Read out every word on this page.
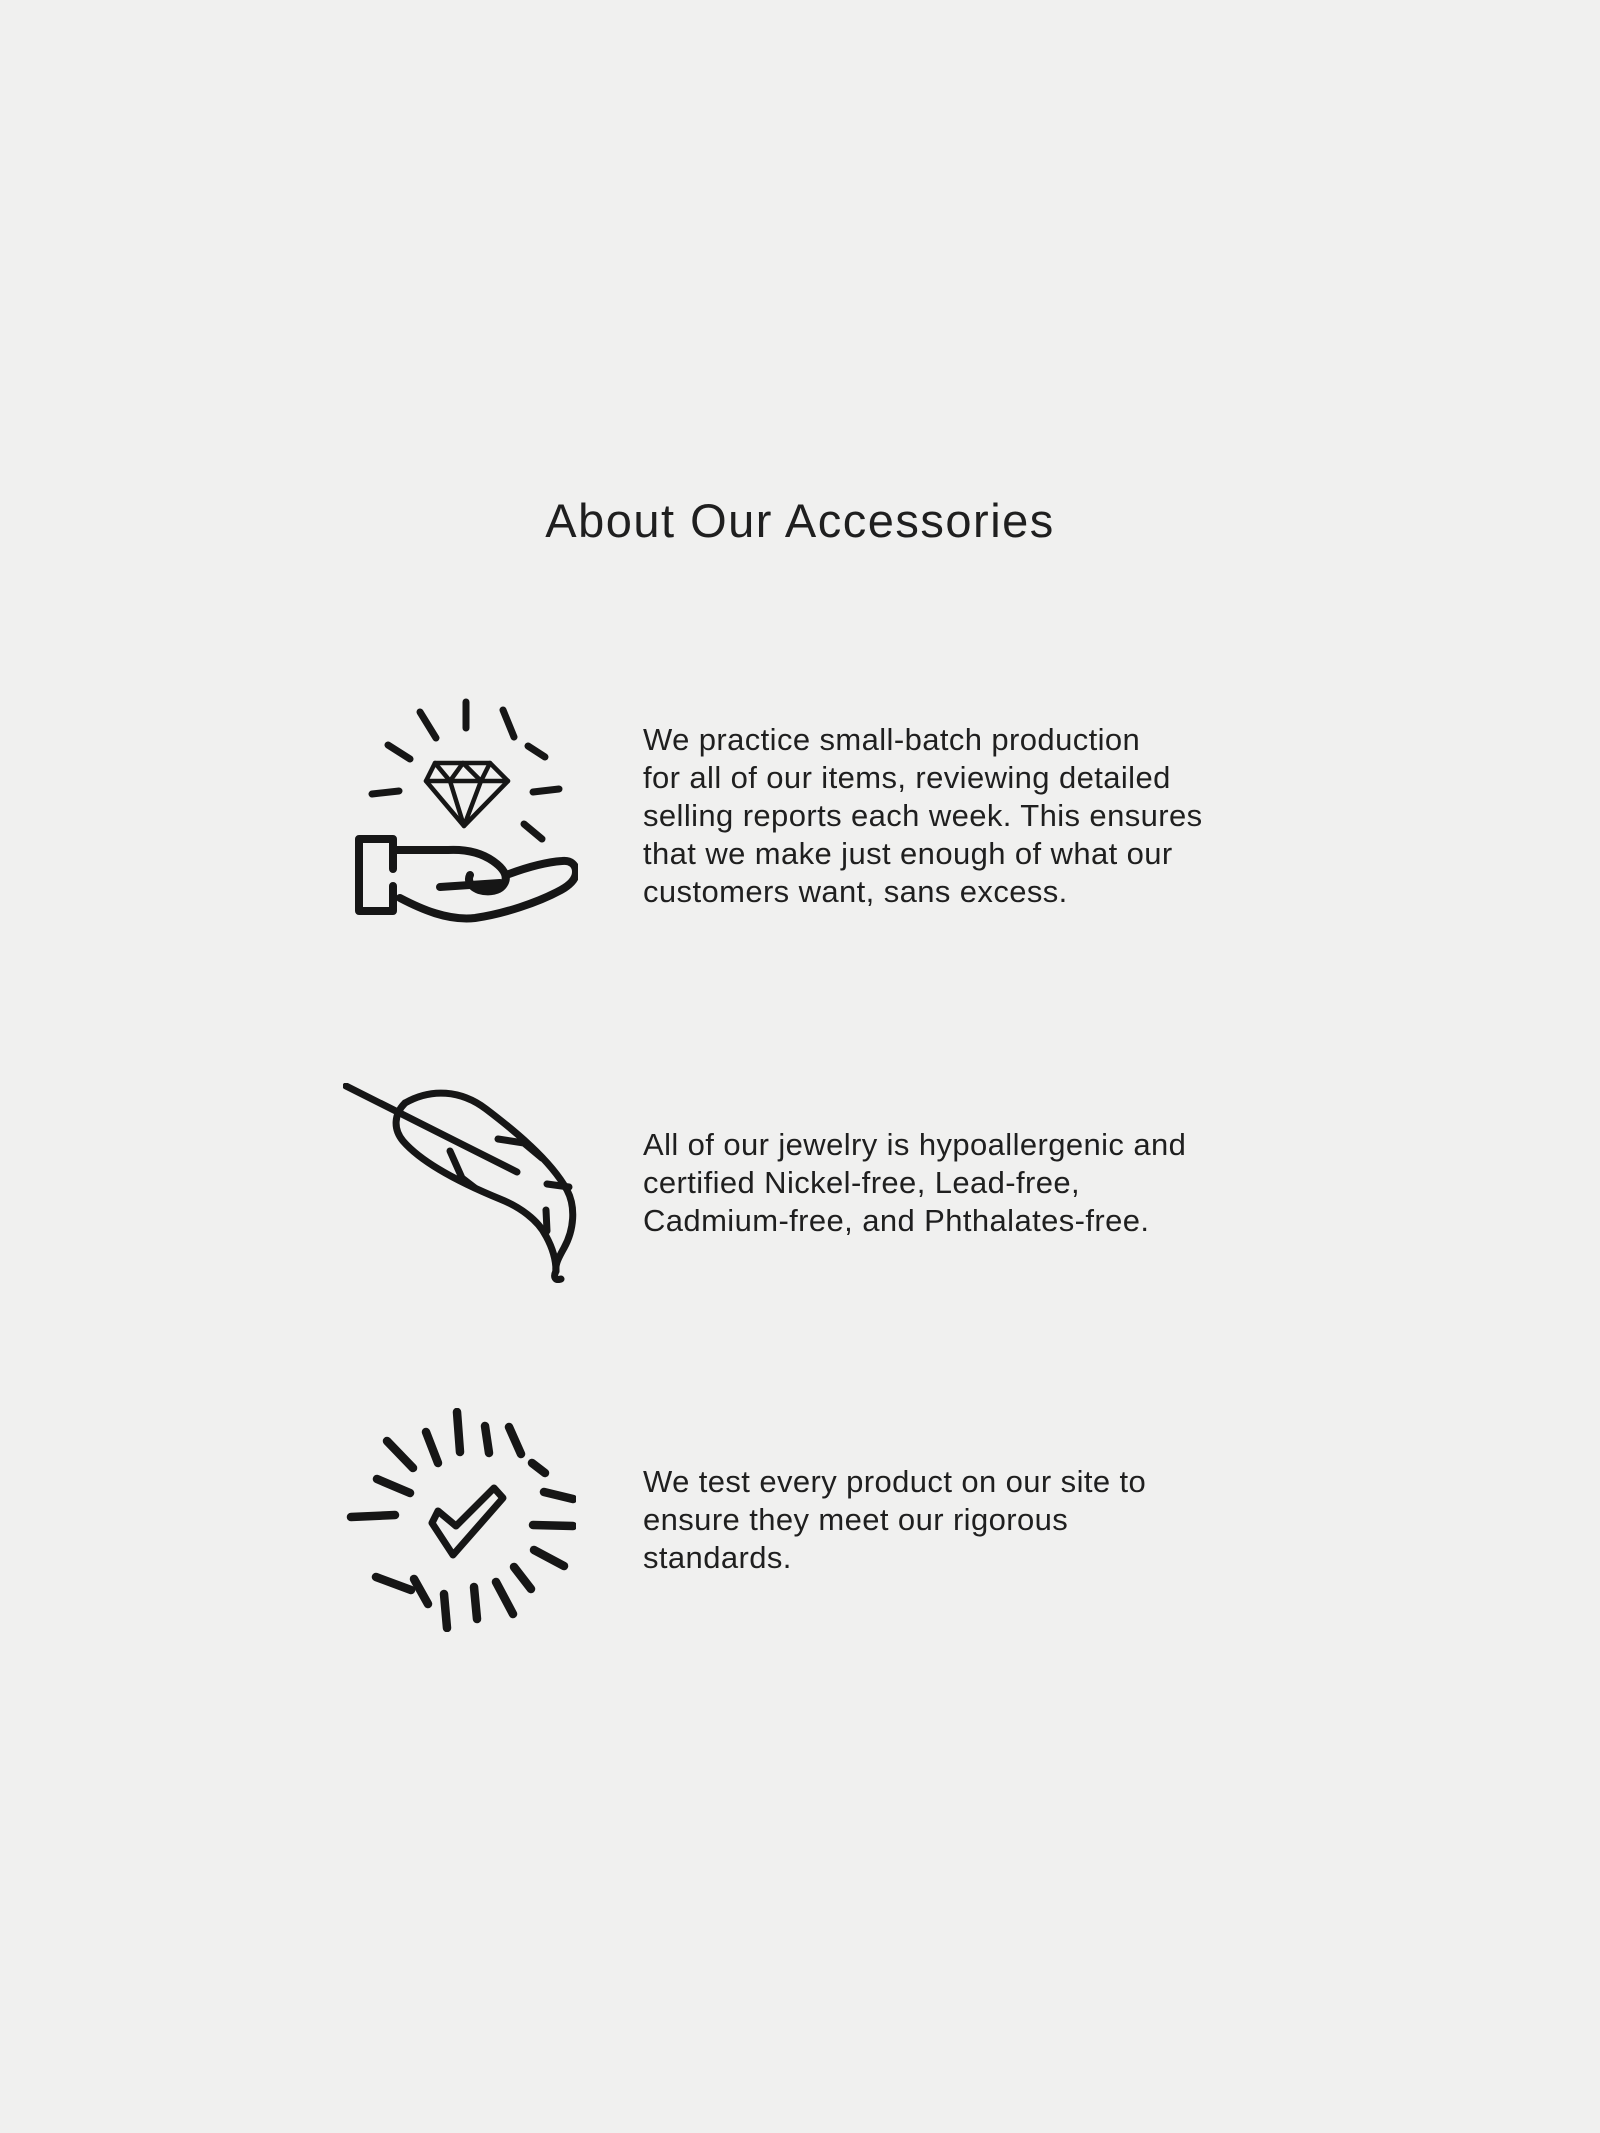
About Our Accessories
We practice small-batch production
for all of our items, reviewing detailed
selling reports each week. This ensures
that we make just enough of what our
customers want, sans excess.
All of our jewelry is hypoallergenic and
certified Nickel-free, Lead-free,
Cadmium-free, and Phthalates-free.
We test every product on our site to
ensure they meet our rigorous
standards.
